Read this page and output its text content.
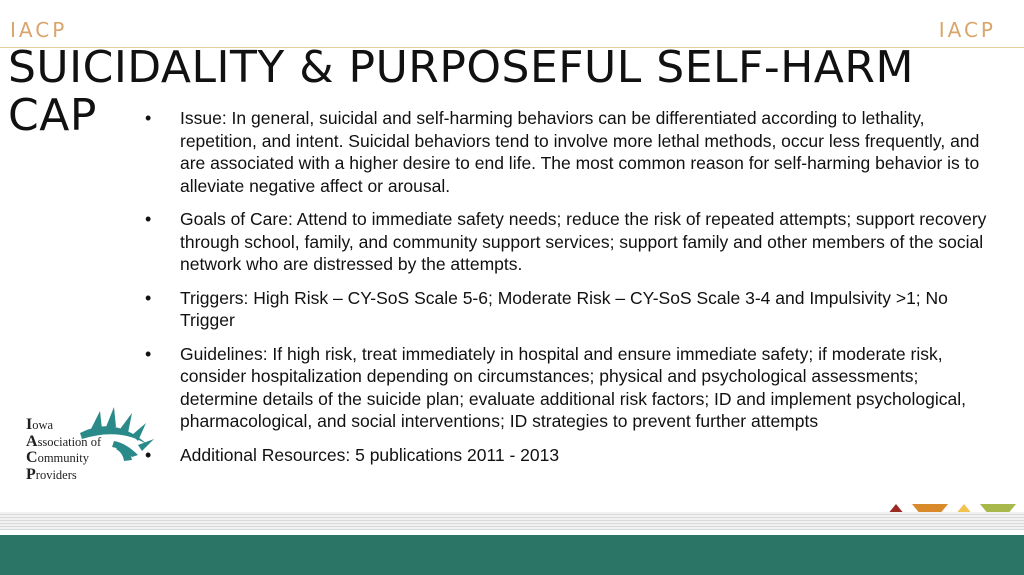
IACP	IACP
SUICIDALITY & PURPOSEFUL SELF-HARM CAP
•	Issue: In general, suicidal and self-harming behaviors can be differentiated according to lethality, repetition, and intent. Suicidal behaviors tend to involve more lethal methods, occur less frequently, and are associated with a higher desire to end life. The most common reason for self-harming behavior is to alleviate negative affect or arousal.
• Goals of Care: Attend to immediate safety needs; reduce the risk of repeated attempts; support recovery through school, family, and community support services; support family and other members of the social network who are distressed by the attempts.
• Triggers: High Risk – CY-SoS Scale 5-6; Moderate Risk – CY-SoS Scale 3-4 and Impulsivity >1; No Trigger
• Guidelines: If high risk, treat immediately in hospital and ensure immediate safety; if moderate risk, consider hospitalization depending on circumstances; physical and psychological assessments; determine details of the suicide plan; evaluate additional risk factors; ID and implement psychological, pharmacological, and social interventions; ID strategies to prevent further attempts
• Additional Resources: 5 publications 2011 - 2013
Iowa
Association of
Community
Providers
